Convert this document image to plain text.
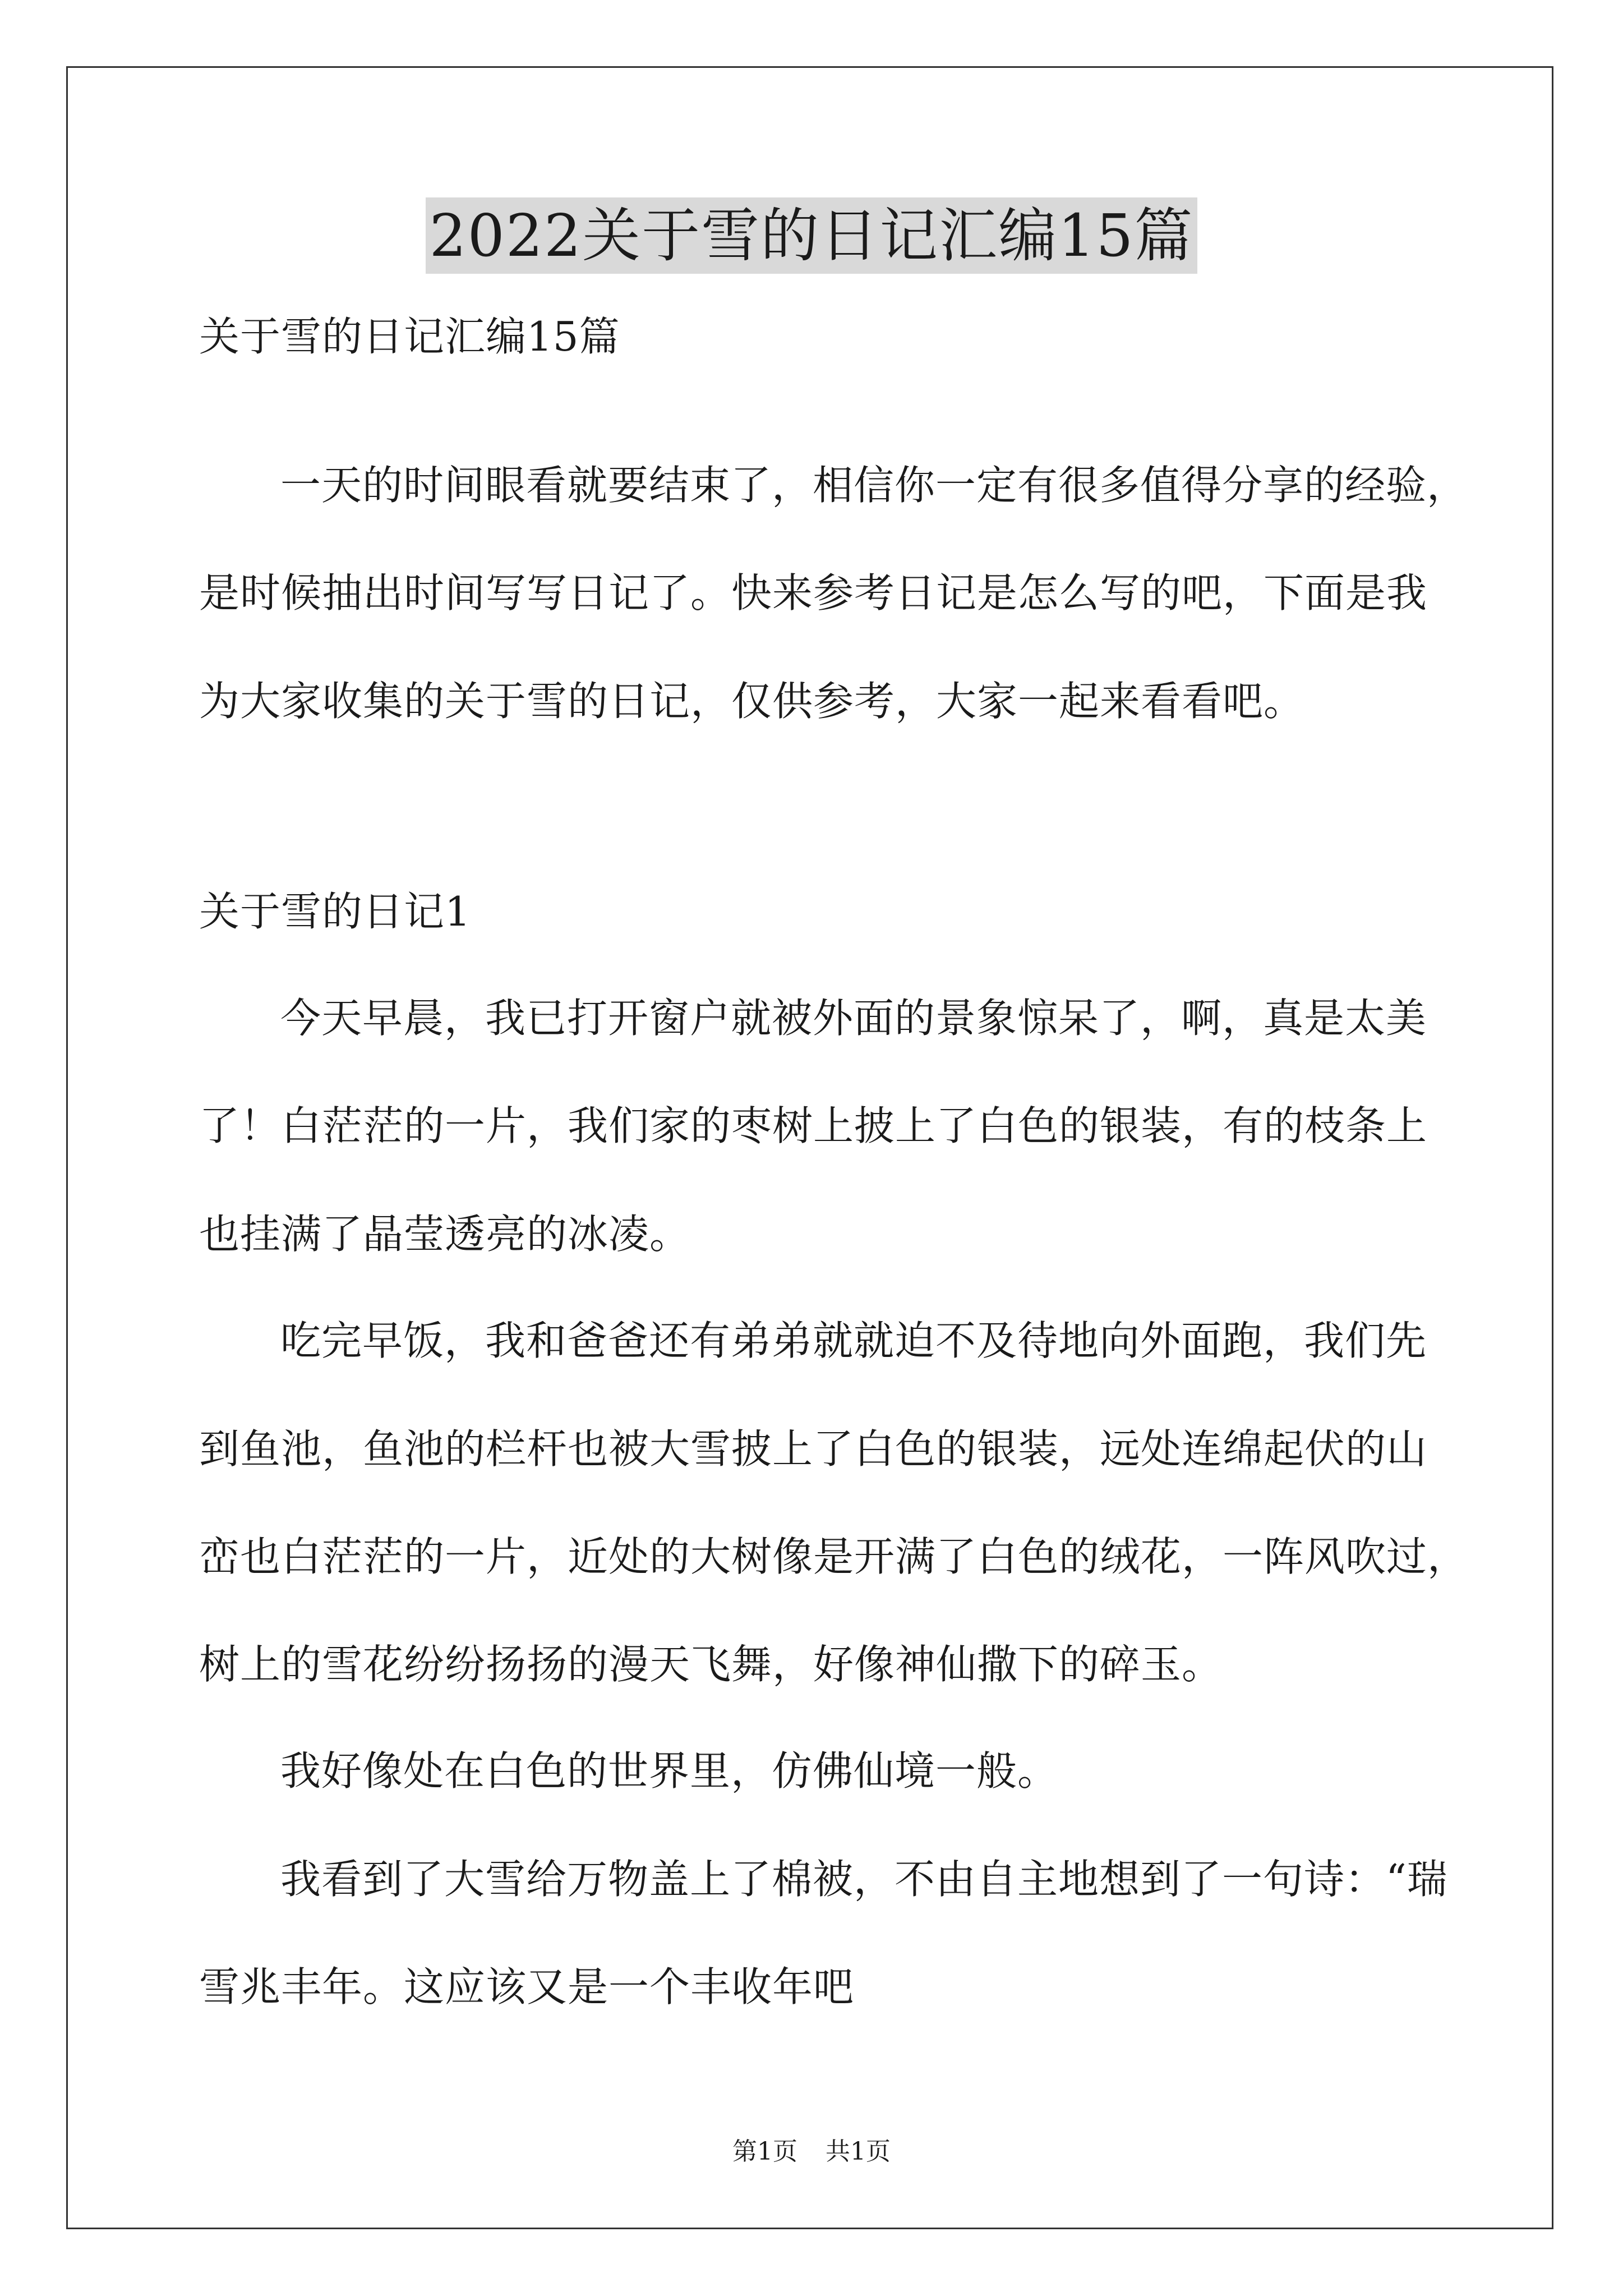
2022关于雪的日记汇编15篇
关于雪的日记汇编15篇
一天的时间眼看就要结束了，相信你一定有很多值得分享的经验，
是时候抽出时间写写日记了。快来参考日记是怎么写的吧，下面是我
为大家收集的关于雪的日记，仅供参考，大家一起来看看吧。
关于雪的日记1
今天早晨，我已打开窗户就被外面的景象惊呆了，啊，真是太美
了！白茫茫的一片，我们家的枣树上披上了白色的银装，有的枝条上
也挂满了晶莹透亮的冰凌。
吃完早饭，我和爸爸还有弟弟就就迫不及待地向外面跑，我们先
到鱼池，鱼池的栏杆也被大雪披上了白色的银装，远处连绵起伏的山
峦也白茫茫的一片，近处的大树像是开满了白色的绒花，一阵风吹过，
树上的雪花纷纷扬扬的漫天飞舞，好像神仙撒下的碎玉。
我好像处在白色的世界里，仿佛仙境一般。
我看到了大雪给万物盖上了棉被，不由自主地想到了一句诗：“瑞
雪兆丰年。这应该又是一个丰收年吧
第1页 共1页
